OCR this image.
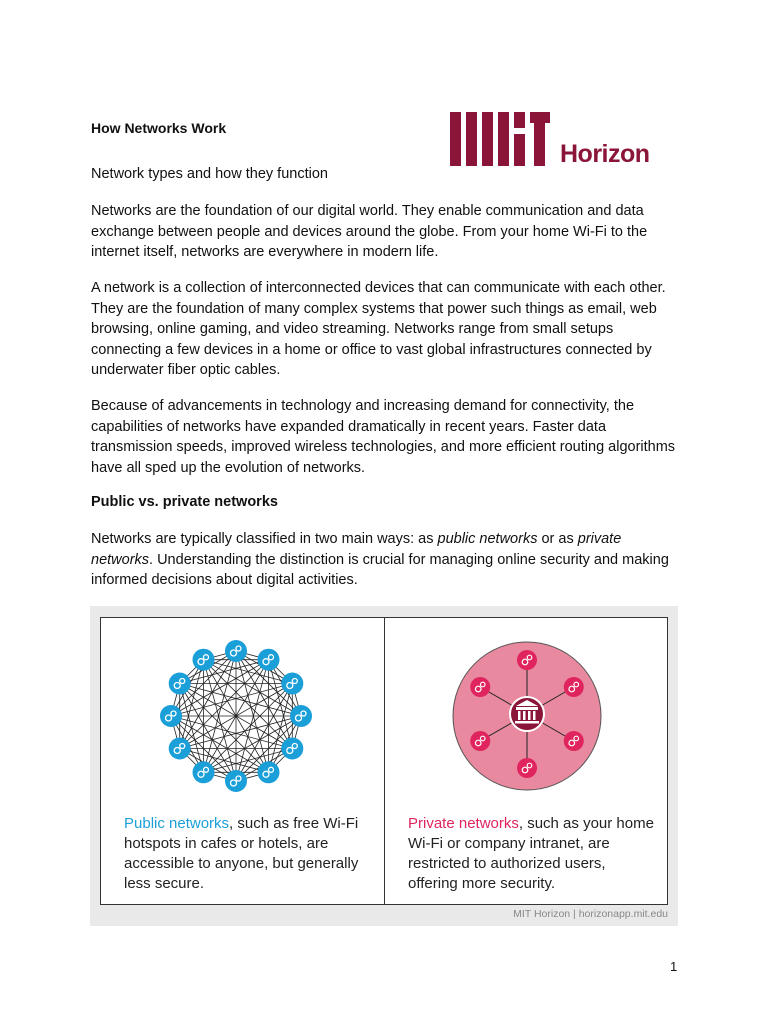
How Networks Work
Horizon

Network types and how they function

Networks are the foundation of our digital world. They enable communication and data exchange between people and devices around the globe. From your home Wi-Fi to the internet itself, networks are everywhere in modern life.

A network is a collection of interconnected devices that can communicate with each other. They are the foundation of many complex systems that power such things as email, web browsing, online gaming, and video streaming. Networks range from small setups connecting a few devices in a home or office to vast global infrastructures connected by underwater fiber optic cables.

Because of advancements in technology and increasing demand for connectivity, the capabilities of networks have expanded dramatically in recent years. Faster data transmission speeds, improved wireless technologies, and more efficient routing algorithms have all sped up the evolution of networks.

Public vs. private networks

Networks are typically classified in two main ways: as public networks or as private networks. Understanding the distinction is crucial for managing online security and making informed decisions about digital activities.

Public networks, such as free Wi-Fi hotspots in cafes or hotels, are accessible to anyone, but generally less secure.
Private networks, such as your home Wi-Fi or company intranet, are restricted to authorized users, offering more security.
MIT Horizon | horizonapp.mit.edu
1
